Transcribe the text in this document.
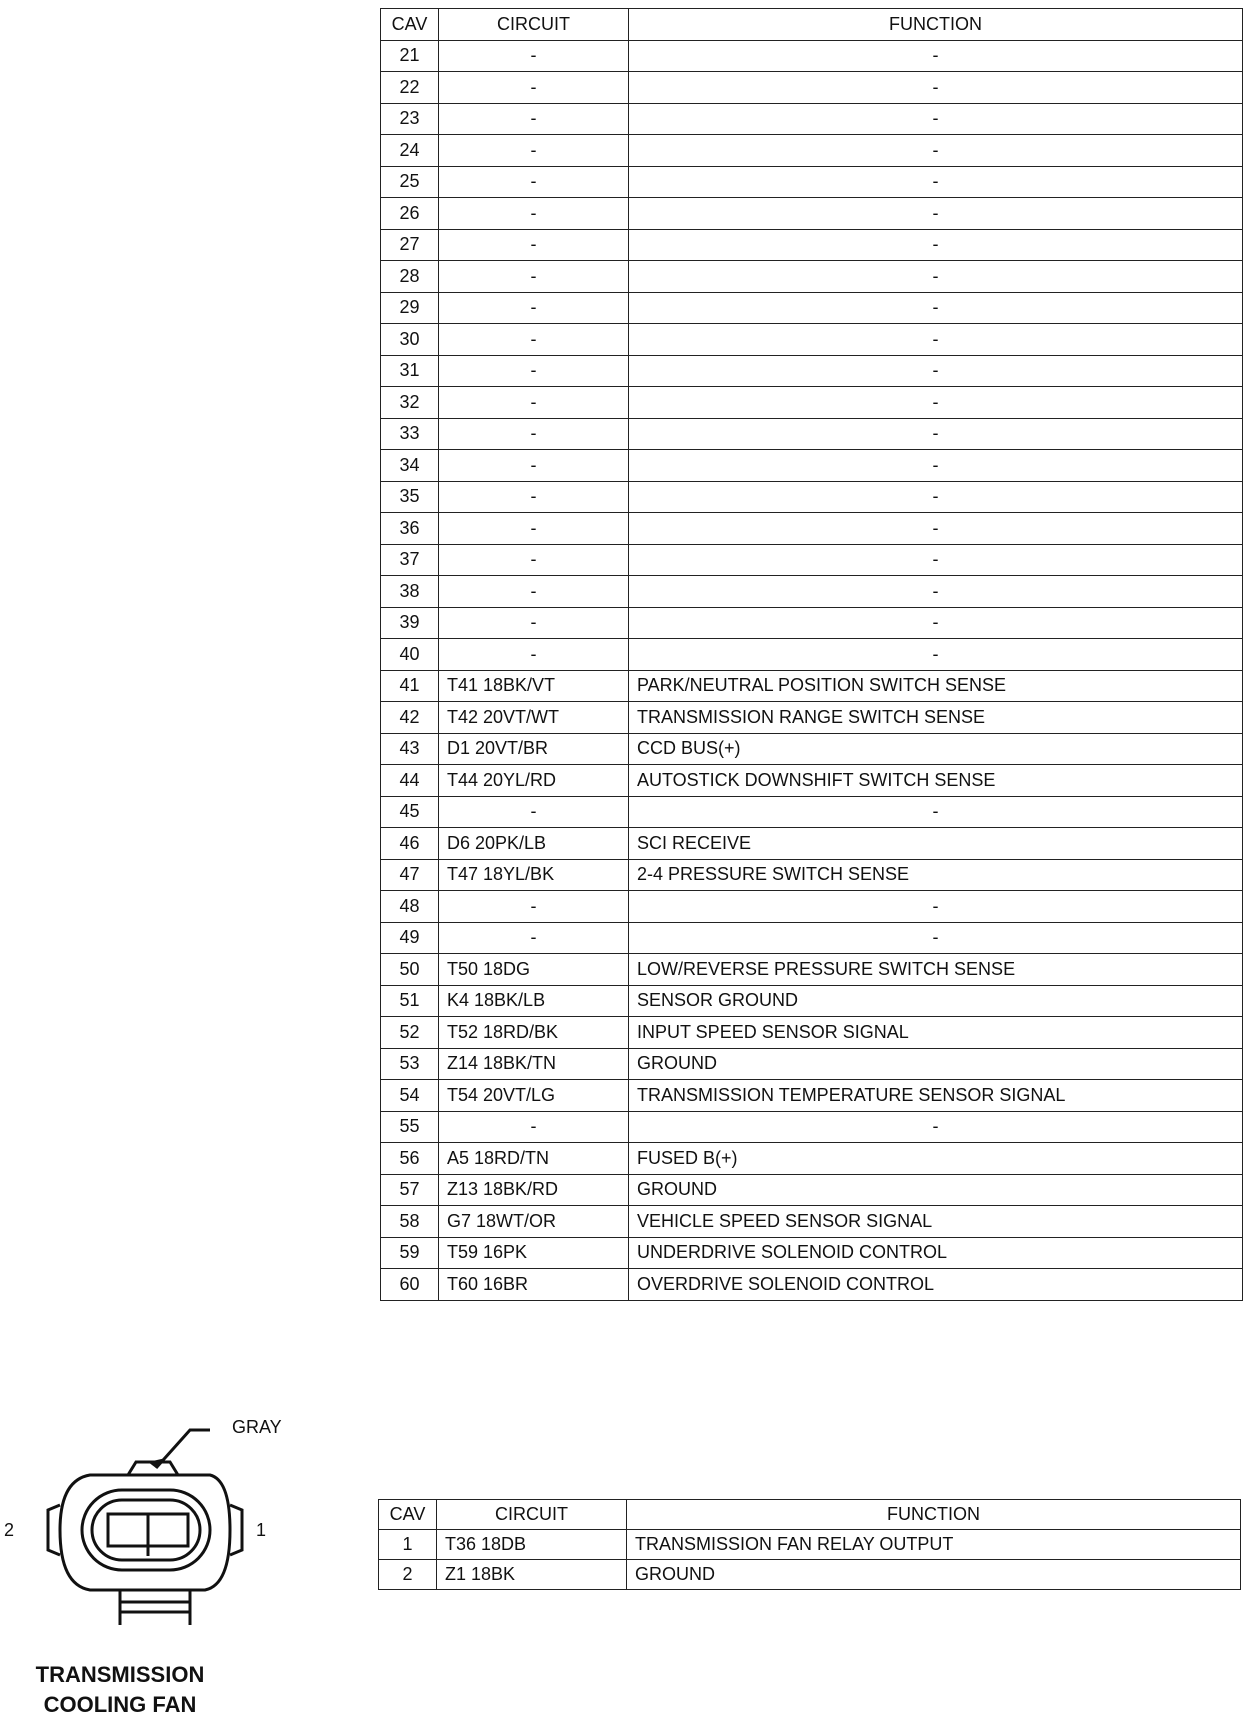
CAV	CIRCUIT	FUNCTION
21	-	-
22	-	-
23	-	-
24	-	-
25	-	-
26	-	-
27	-	-
28	-	-
29	-	-
30	-	-
31	-	-
32	-	-
33	-	-
34	-	-
35	-	-
36	-	-
37	-	-
38	-	-
39	-	-
40	-	-
41	T41 18BK/VT	PARK/NEUTRAL POSITION SWITCH SENSE
42	T42 20VT/WT	TRANSMISSION RANGE SWITCH SENSE
43	D1 20VT/BR	CCD BUS(+)
44	T44 20YL/RD	AUTOSTICK DOWNSHIFT SWITCH SENSE
45	-	-
46	D6 20PK/LB	SCI RECEIVE
47	T47 18YL/BK	2-4 PRESSURE SWITCH SENSE
48	-	-
49	-	-
50	T50 18DG	LOW/REVERSE PRESSURE SWITCH SENSE
51	K4 18BK/LB	SENSOR GROUND
52	T52 18RD/BK	INPUT SPEED SENSOR SIGNAL
53	Z14 18BK/TN	GROUND
54	T54 20VT/LG	TRANSMISSION TEMPERATURE SENSOR SIGNAL
55	-	-
56	A5 18RD/TN	FUSED B(+)
57	Z13 18BK/RD	GROUND
58	G7 18WT/OR	VEHICLE SPEED SENSOR SIGNAL
59	T59 16PK	UNDERDRIVE SOLENOID CONTROL
60	T60 16BR	OVERDRIVE SOLENOID CONTROL
GRAY
2	1
TRANSMISSION
COOLING FAN
CAV	CIRCUIT	FUNCTION
1	T36 18DB	TRANSMISSION FAN RELAY OUTPUT
2	Z1 18BK	GROUND
